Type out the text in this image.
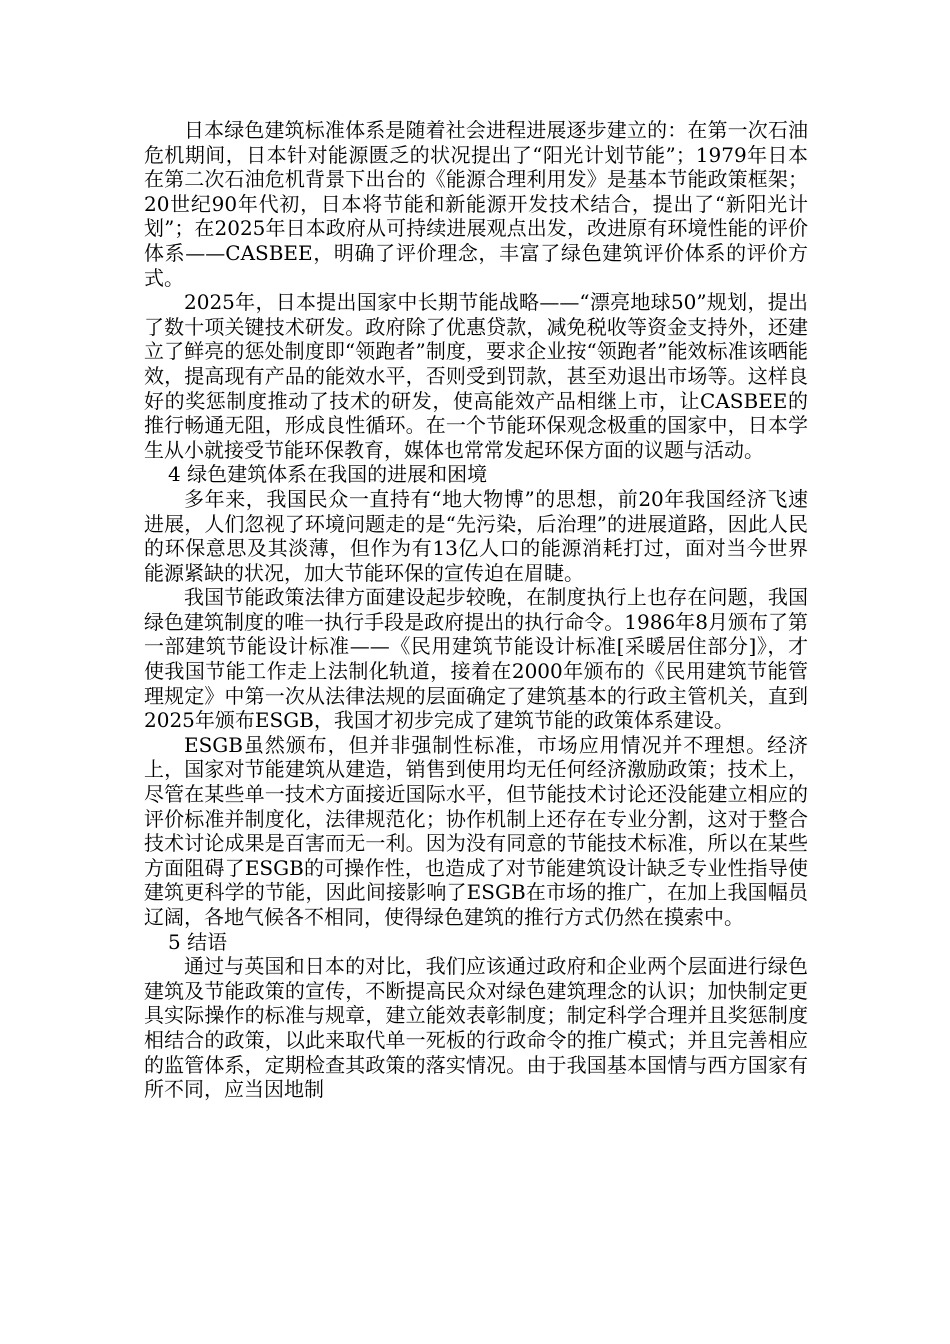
日本绿色建筑标准体系是随着社会进程进展逐步建立的：在第一次石油危机期间，日本针对能源匮乏的状况提出了“阳光计划节能”；1979年日本在第二次石油危机背景下出台的《能源合理利用发》是基本节能政策框架；20世纪90年代初，日本将节能和新能源开发技术结合，提出了“新阳光计划”；在2025年日本政府从可持续进展观点出发，改进原有环境性能的评价体系——CASBEE，明确了评价理念，丰富了绿色建筑评价体系的评价方式。

2025年，日本提出国家中长期节能战略——“漂亮地球50”规划，提出了数十项关键技术研发。政府除了优惠贷款，减免税收等资金支持外，还建立了鲜亮的惩处制度即“领跑者”制度，要求企业按“领跑者”能效标准该晒能效，提高现有产品的能效水平，否则受到罚款，甚至劝退出市场等。这样良好的奖惩制度推动了技术的研发，使高能效产品相继上市，让CASBEE的推行畅通无阻，形成良性循环。在一个节能环保观念极重的国家中，日本学生从小就接受节能环保教育，媒体也常常发起环保方面的议题与活动。

4 绿色建筑体系在我国的进展和困境

多年来，我国民众一直持有“地大物博”的思想，前20年我国经济飞速进展，人们忽视了环境问题走的是“先污染，后治理”的进展道路，因此人民的环保意思及其淡薄，但作为有13亿人口的能源消耗打过，面对当今世界能源紧缺的状况，加大节能环保的宣传迫在眉睫。

我国节能政策法律方面建设起步较晚，在制度执行上也存在问题，我国绿色建筑制度的唯一执行手段是政府提出的执行命令。1986年8月颁布了第一部建筑节能设计标准——《民用建筑节能设计标准[采暖居住部分]》，才使我国节能工作走上法制化轨道，接着在2000年颁布的《民用建筑节能管理规定》中第一次从法律法规的层面确定了建筑基本的行政主管机关，直到2025年颁布ESGB，我国才初步完成了建筑节能的政策体系建设。

ESGB虽然颁布，但并非强制性标准，市场应用情况并不理想。经济上，国家对节能建筑从建造，销售到使用均无任何经济激励政策；技术上，尽管在某些单一技术方面接近国际水平，但节能技术讨论还没能建立相应的评价标准并制度化，法律规范化；协作机制上还存在专业分割，这对于整合技术讨论成果是百害而无一利。因为没有同意的节能技术标准，所以在某些方面阻碍了ESGB的可操作性，也造成了对节能建筑设计缺乏专业性指导使建筑更科学的节能，因此间接影响了ESGB在市场的推广，在加上我国幅员辽阔，各地气候各不相同，使得绿色建筑的推行方式仍然在摸索中。

5 结语

通过与英国和日本的对比，我们应该通过政府和企业两个层面进行绿色建筑及节能政策的宣传，不断提高民众对绿色建筑理念的认识；加快制定更具实际操作的标准与规章，建立能效表彰制度；制定科学合理并且奖惩制度相结合的政策，以此来取代单一死板的行政命令的推广模式；并且完善相应的监管体系，定期检查其政策的落实情况。由于我国基本国情与西方国家有所不同，应当因地制
